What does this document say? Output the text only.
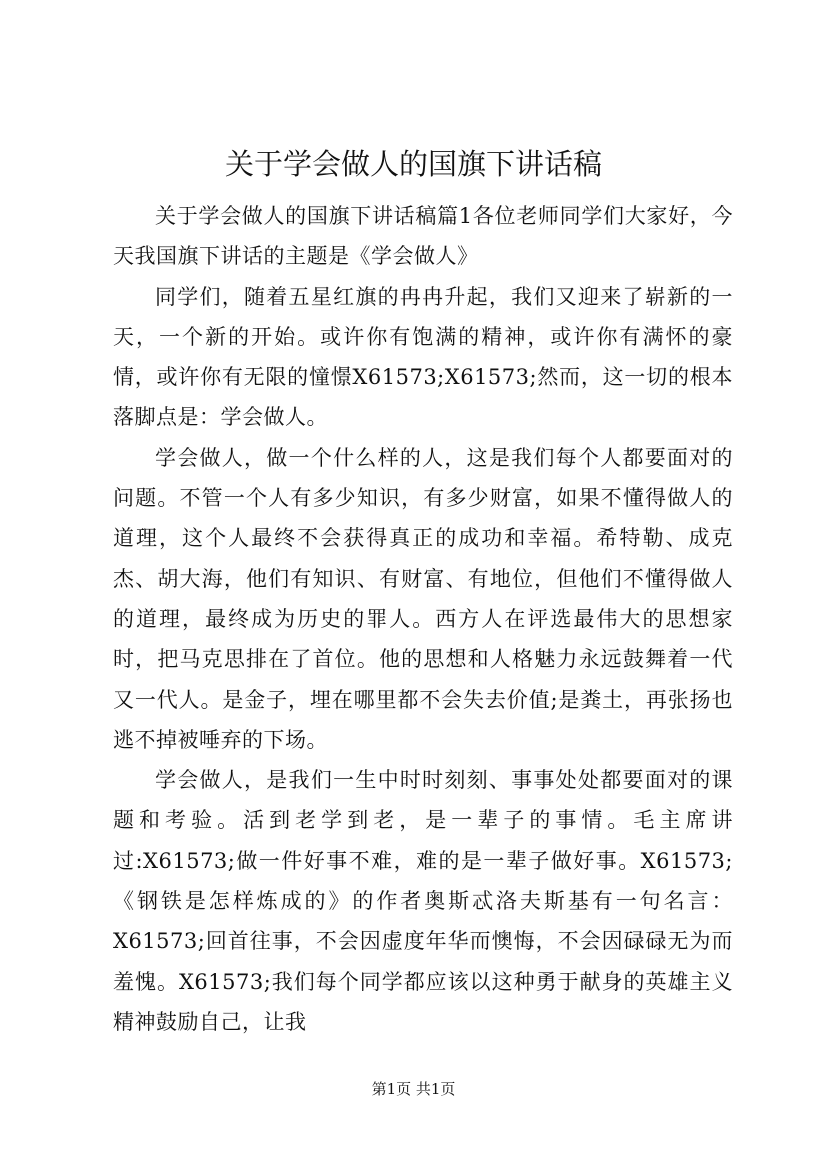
关于学会做人的国旗下讲话稿

关于学会做人的国旗下讲话稿篇1各位老师同学们大家好，今天我国旗下讲话的主题是《学会做人》

同学们，随着五星红旗的冉冉升起，我们又迎来了崭新的一天，一个新的开始。或许你有饱满的精神，或许你有满怀的豪情，或许你有无限的憧憬X61573;X61573;然而，这一切的根本落脚点是：学会做人。

学会做人，做一个什么样的人，这是我们每个人都要面对的问题。不管一个人有多少知识，有多少财富，如果不懂得做人的道理，这个人最终不会获得真正的成功和幸福。希特勒、成克杰、胡大海，他们有知识、有财富、有地位，但他们不懂得做人的道理，最终成为历史的罪人。西方人在评选最伟大的思想家时，把马克思排在了首位。他的思想和人格魅力永远鼓舞着一代又一代人。是金子，埋在哪里都不会失去价值;是粪土，再张扬也逃不掉被唾弃的下场。

学会做人，是我们一生中时时刻刻、事事处处都要面对的课题和考验。活到老学到老，是一辈子的事情。毛主席讲过:X61573;做一件好事不难，难的是一辈子做好事。X61573;《钢铁是怎样炼成的》的作者奥斯忒洛夫斯基有一句名言：X61573;回首往事，不会因虚度年华而懊悔，不会因碌碌无为而羞愧。X61573;我们每个同学都应该以这种勇于献身的英雄主义精神鼓励自己，让我

第1页 共1页
